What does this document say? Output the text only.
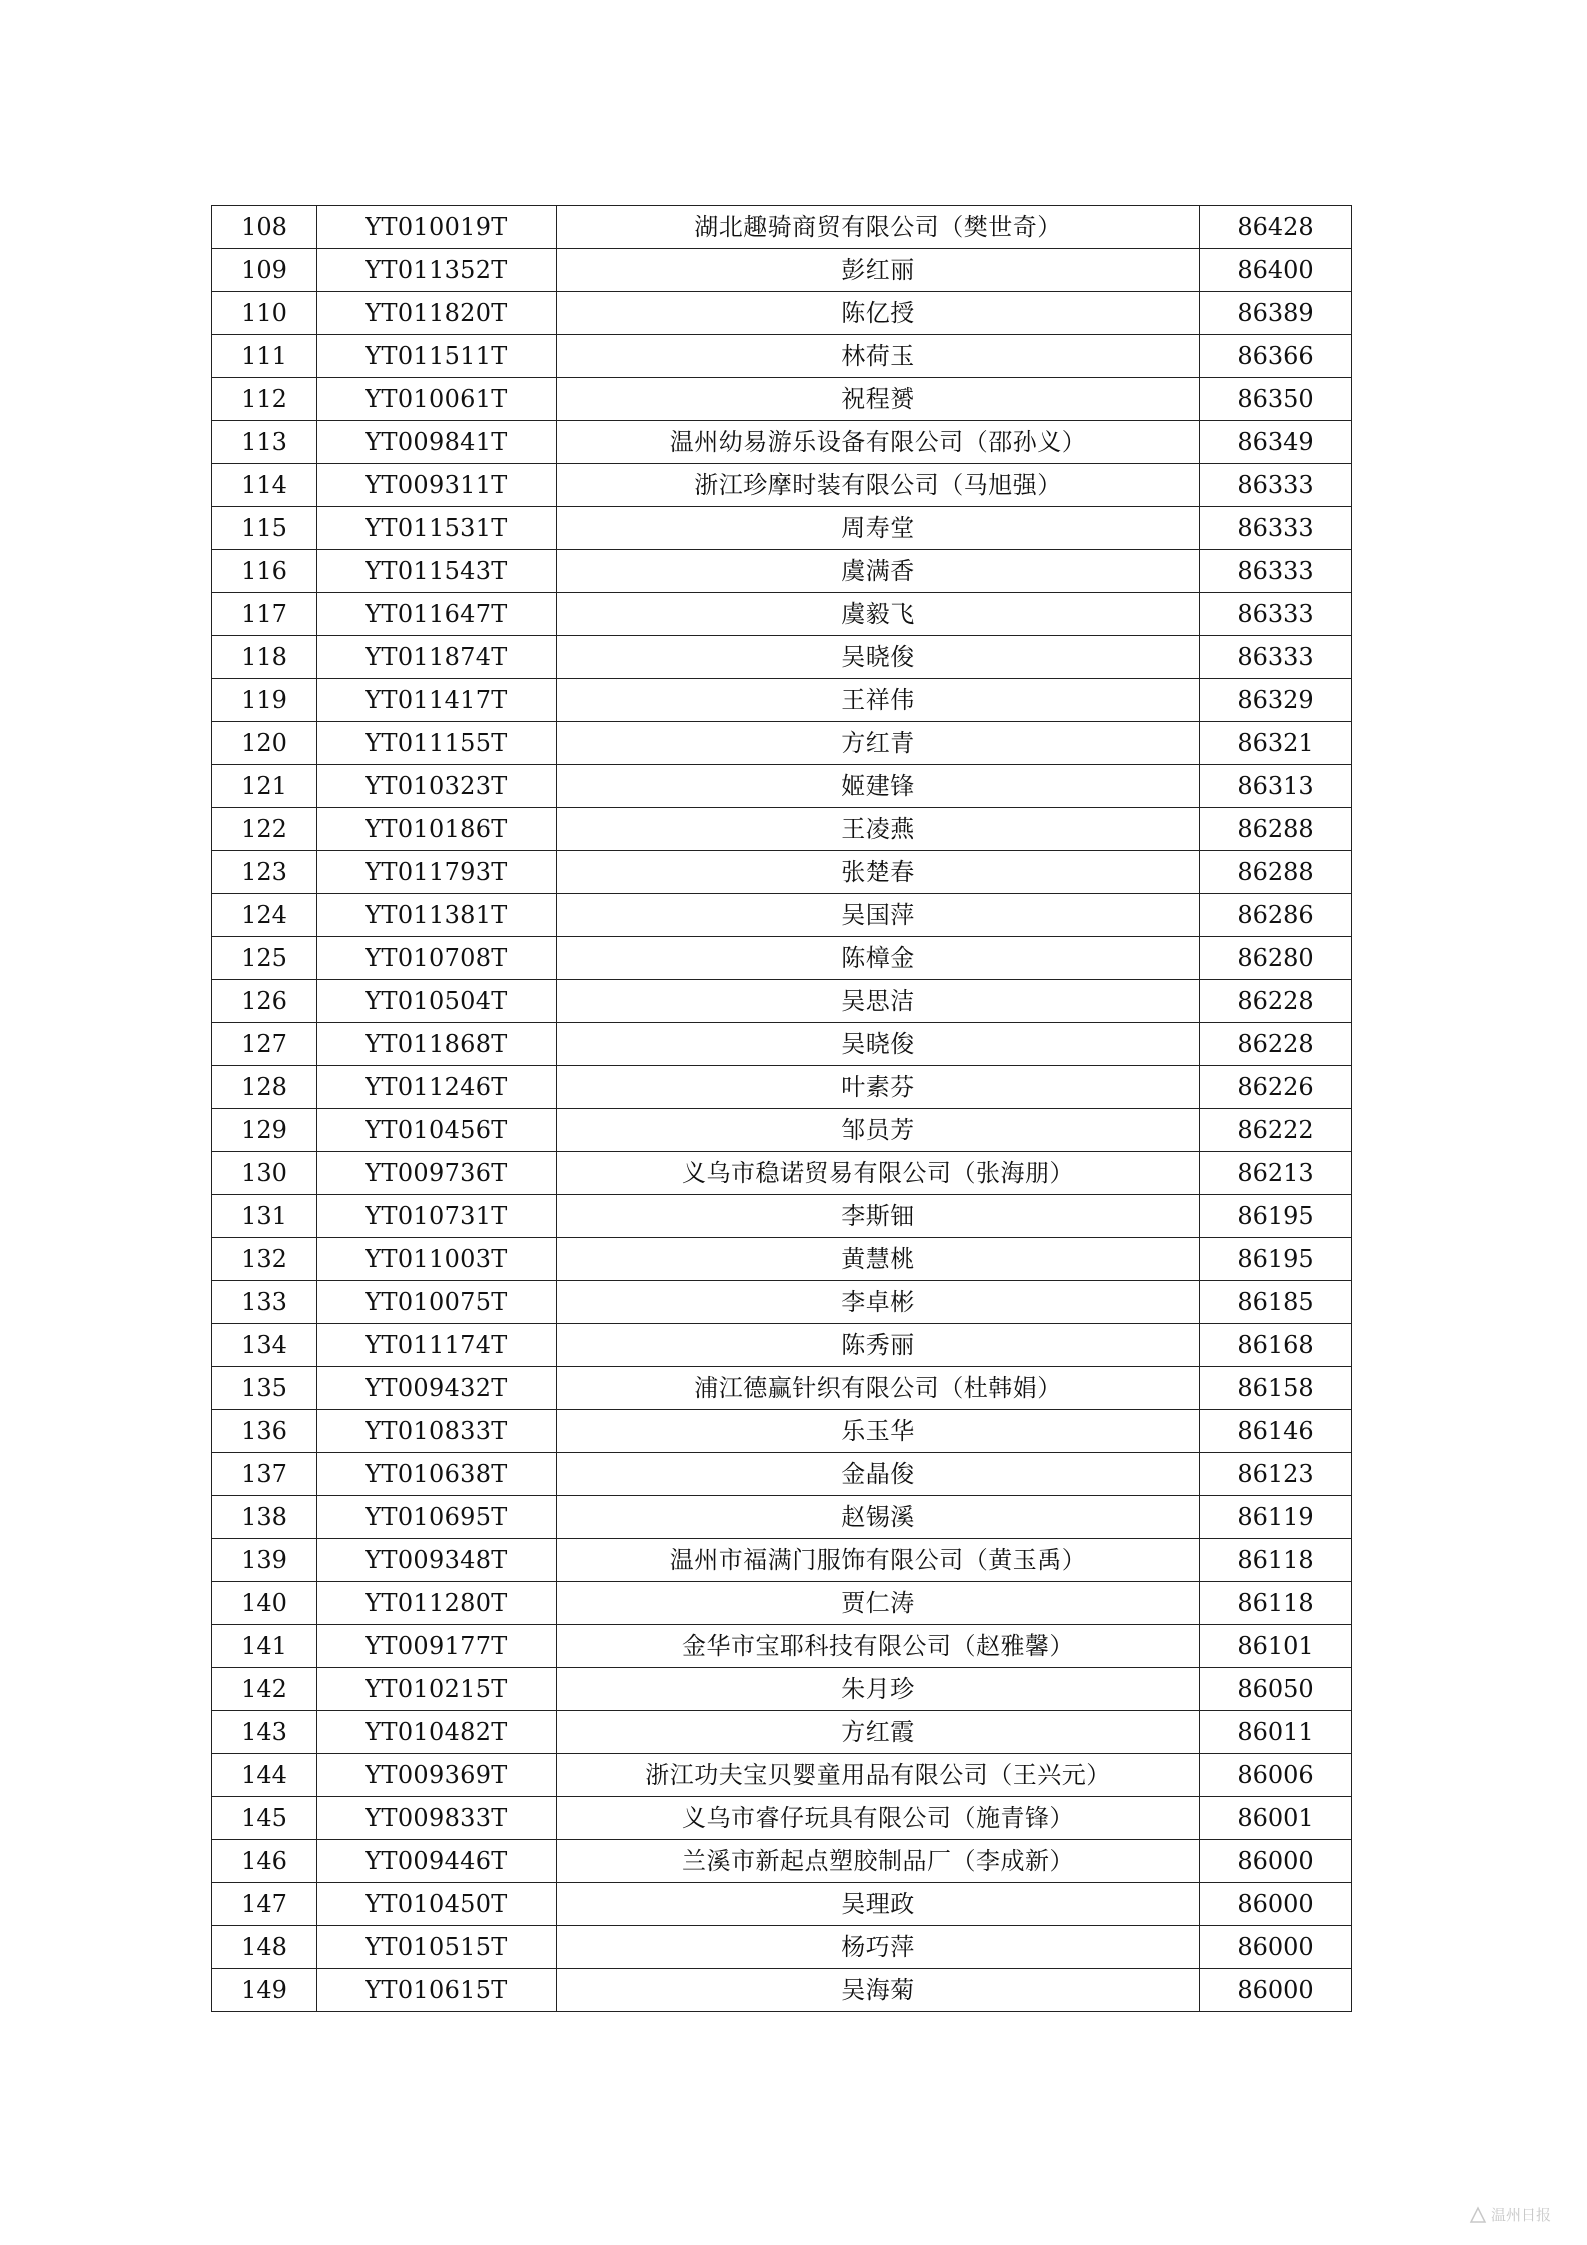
108	YT010019T	湖北趣骑商贸有限公司（樊世奇）	86428
109	YT011352T	彭红丽	86400
110	YT011820T	陈亿授	86389
111	YT011511T	林荷玉	86366
112	YT010061T	祝程赟	86350
113	YT009841T	温州幼易游乐设备有限公司（邵孙义）	86349
114	YT009311T	浙江珍摩时装有限公司（马旭强）	86333
115	YT011531T	周寿堂	86333
116	YT011543T	虞满香	86333
117	YT011647T	虞毅飞	86333
118	YT011874T	吴晓俊	86333
119	YT011417T	王祥伟	86329
120	YT011155T	方红青	86321
121	YT010323T	姬建锋	86313
122	YT010186T	王凌燕	86288
123	YT011793T	张楚春	86288
124	YT011381T	吴国萍	86286
125	YT010708T	陈樟金	86280
126	YT010504T	吴思洁	86228
127	YT011868T	吴晓俊	86228
128	YT011246T	叶素芬	86226
129	YT010456T	邹员芳	86222
130	YT009736T	义乌市稳诺贸易有限公司（张海朋）	86213
131	YT010731T	李斯钿	86195
132	YT011003T	黄慧桃	86195
133	YT010075T	李卓彬	86185
134	YT011174T	陈秀丽	86168
135	YT009432T	浦江德赢针织有限公司（杜韩娟）	86158
136	YT010833T	乐玉华	86146
137	YT010638T	金晶俊	86123
138	YT010695T	赵锡溪	86119
139	YT009348T	温州市福满门服饰有限公司（黄玉禹）	86118
140	YT011280T	贾仁涛	86118
141	YT009177T	金华市宝耶科技有限公司（赵雅馨）	86101
142	YT010215T	朱月珍	86050
143	YT010482T	方红霞	86011
144	YT009369T	浙江功夫宝贝婴童用品有限公司（王兴元）	86006
145	YT009833T	义乌市睿仔玩具有限公司（施青锋）	86001
146	YT009446T	兰溪市新起点塑胶制品厂（李成新）	86000
147	YT010450T	吴理政	86000
148	YT010515T	杨巧萍	86000
149	YT010615T	吴海菊	86000
温州日报
